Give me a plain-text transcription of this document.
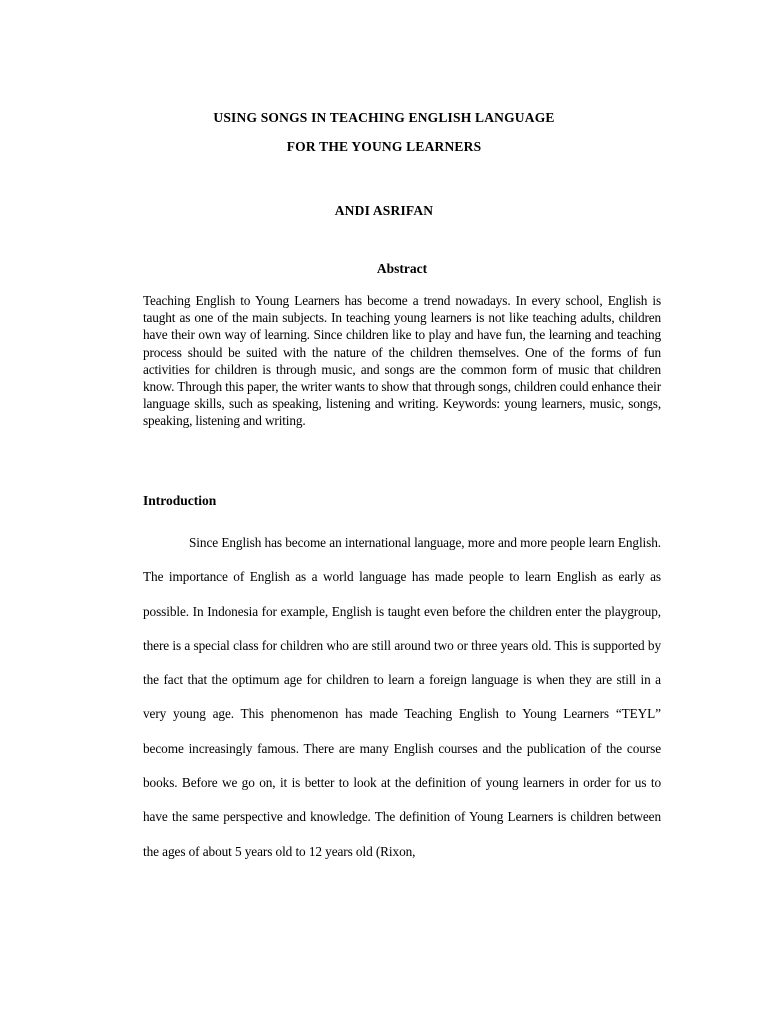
USING SONGS IN TEACHING ENGLISH LANGUAGE
FOR THE YOUNG LEARNERS

ANDI ASRIFAN

Abstract

Teaching English to Young Learners has become a trend nowadays. In every school, English is taught as one of the main subjects. In teaching young learners is not like teaching adults, children have their own way of learning. Since children like to play and have fun, the learning and teaching process should be suited with the nature of the children themselves. One of the forms of fun activities for children is through music, and songs are the common form of music that children know. Through this paper, the writer wants to show that through songs, children could enhance their language skills, such as speaking, listening and writing. Keywords: young learners, music, songs, speaking, listening and writing.

Introduction

Since English has become an international language, more and more people learn English. The importance of English as a world language has made people to learn English as early as possible. In Indonesia for example, English is taught even before the children enter the playgroup, there is a special class for children who are still around two or three years old. This is supported by the fact that the optimum age for children to learn a foreign language is when they are still in a very young age. This phenomenon has made Teaching English to Young Learners “TEYL” become increasingly famous. There are many English courses and the publication of the course books. Before we go on, it is better to look at the definition of young learners in order for us to have the same perspective and knowledge. The definition of Young Learners is children between the ages of about 5 years old to 12 years old (Rixon,
